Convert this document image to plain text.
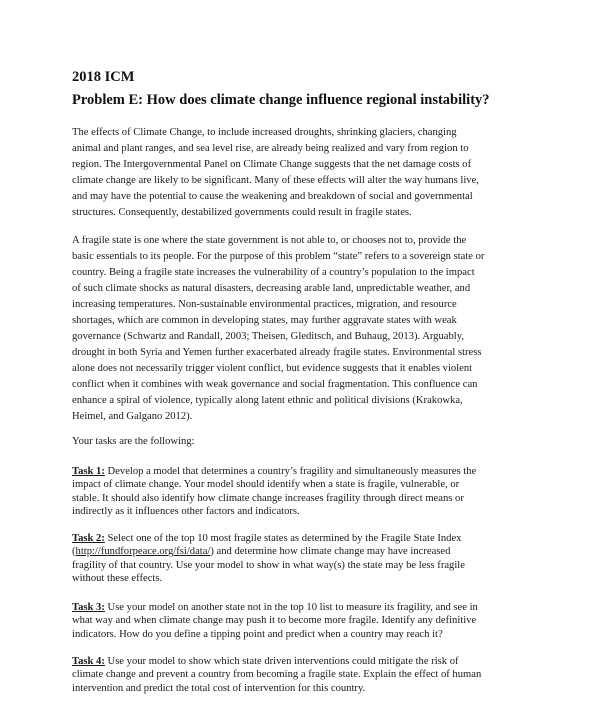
2018 ICM
Problem E: How does climate change influence regional instability?
The effects of Climate Change, to include increased droughts, shrinking glaciers, changing
animal and plant ranges, and sea level rise, are already being realized and vary from region to
region. The Intergovernmental Panel on Climate Change suggests that the net damage costs of
climate change are likely to be significant. Many of these effects will alter the way humans live,
and may have the potential to cause the weakening and breakdown of social and governmental
structures. Consequently, destabilized governments could result in fragile states.
A fragile state is one where the state government is not able to, or chooses not to, provide the
basic essentials to its people. For the purpose of this problem “state” refers to a sovereign state or
country. Being a fragile state increases the vulnerability of a country’s population to the impact
of such climate shocks as natural disasters, decreasing arable land, unpredictable weather, and
increasing temperatures. Non-sustainable environmental practices, migration, and resource
shortages, which are common in developing states, may further aggravate states with weak
governance (Schwartz and Randall, 2003; Theisen, Gleditsch, and Buhaug, 2013). Arguably,
drought in both Syria and Yemen further exacerbated already fragile states. Environmental stress
alone does not necessarily trigger violent conflict, but evidence suggests that it enables violent
conflict when it combines with weak governance and social fragmentation. This confluence can
enhance a spiral of violence, typically along latent ethnic and political divisions (Krakowka,
Heimel, and Galgano 2012).
Your tasks are the following:
Task 1: Develop a model that determines a country’s fragility and simultaneously measures the
impact of climate change. Your model should identify when a state is fragile, vulnerable, or
stable. It should also identify how climate change increases fragility through direct means or
indirectly as it influences other factors and indicators.
Task 2: Select one of the top 10 most fragile states as determined by the Fragile State Index
(http://fundforpeace.org/fsi/data/) and determine how climate change may have increased
fragility of that country. Use your model to show in what way(s) the state may be less fragile
without these effects.
Task 3: Use your model on another state not in the top 10 list to measure its fragility, and see in
what way and when climate change may push it to become more fragile. Identify any definitive
indicators. How do you define a tipping point and predict when a country may reach it?
Task 4: Use your model to show which state driven interventions could mitigate the risk of
climate change and prevent a country from becoming a fragile state. Explain the effect of human
intervention and predict the total cost of intervention for this country.
